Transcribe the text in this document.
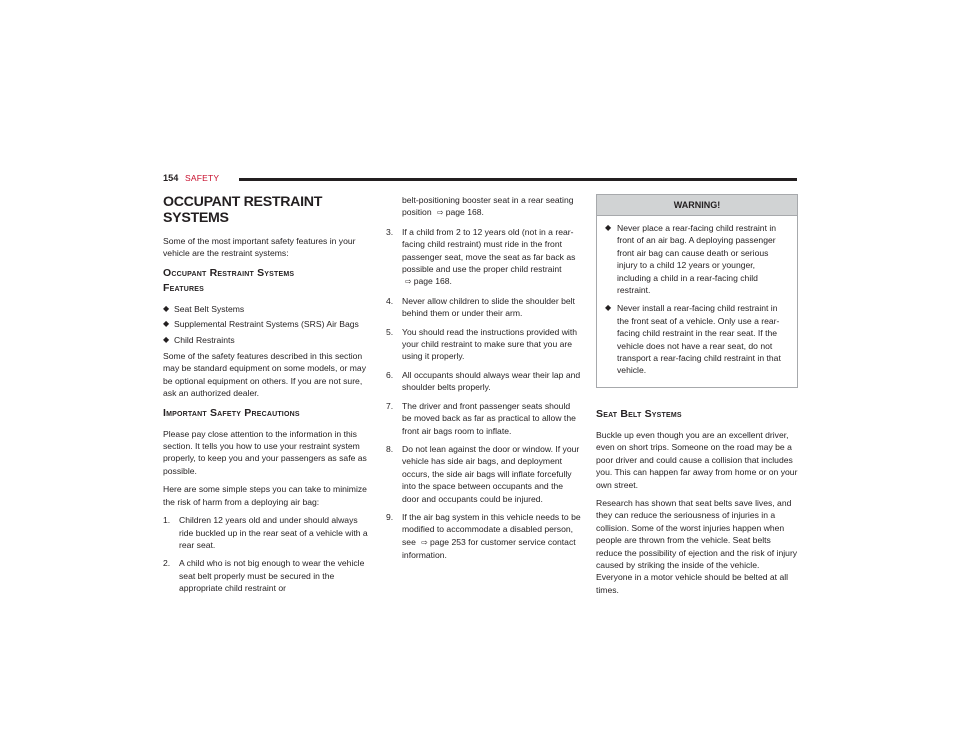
154 SAFETY
OCCUPANT RESTRAINT SYSTEMS

Some of the most important safety features in your vehicle are the restraint systems:

Occupant Restraint Systems
Features
◆ Seat Belt Systems
◆ Supplemental Restraint Systems (SRS) Air Bags
◆ Child Restraints

Some of the safety features described in this section may be standard equipment on some models, or may be optional equipment on others. If you are not sure, ask an authorized dealer.

Important Safety Precautions

Please pay close attention to the information in this section. It tells you how to use your restraint system properly, to keep you and your passengers as safe as possible.

Here are some simple steps you can take to minimize the risk of harm from a deploying air bag:

1. Children 12 years old and under should always ride buckled up in the rear seat of a vehicle with a rear seat.
2. A child who is not big enough to wear the vehicle seat belt properly must be secured in the appropriate child restraint or
belt-positioning booster seat in a rear seating position ⇨ page 168.
3. If a child from 2 to 12 years old (not in a rear-facing child restraint) must ride in the front passenger seat, move the seat as far back as possible and use the proper child restraint ⇨ page 168.
4. Never allow children to slide the shoulder belt behind them or under their arm.
5. You should read the instructions provided with your child restraint to make sure that you are using it properly.
6. All occupants should always wear their lap and shoulder belts properly.
7. The driver and front passenger seats should be moved back as far as practical to allow the front air bags room to inflate.
8. Do not lean against the door or window. If your vehicle has side air bags, and deployment occurs, the side air bags will inflate forcefully into the space between occupants and the door and occupants could be injured.
9. If the air bag system in this vehicle needs to be modified to accommodate a disabled person, see ⇨ page 253 for customer service contact information.
WARNING!
◆ Never place a rear-facing child restraint in front of an air bag. A deploying passenger front air bag can cause death or serious injury to a child 12 years or younger, including a child in a rear-facing child restraint.
◆ Never install a rear-facing child restraint in the front seat of a vehicle. Only use a rear-facing child restraint in the rear seat. If the vehicle does not have a rear seat, do not transport a rear-facing child restraint in that vehicle.
Seat Belt Systems

Buckle up even though you are an excellent driver, even on short trips. Someone on the road may be a poor driver and could cause a collision that includes you. This can happen far away from home or on your own street.

Research has shown that seat belts save lives, and they can reduce the seriousness of injuries in a collision. Some of the worst injuries happen when people are thrown from the vehicle. Seat belts reduce the possibility of ejection and the risk of injury caused by striking the inside of the vehicle. Everyone in a motor vehicle should be belted at all times.
